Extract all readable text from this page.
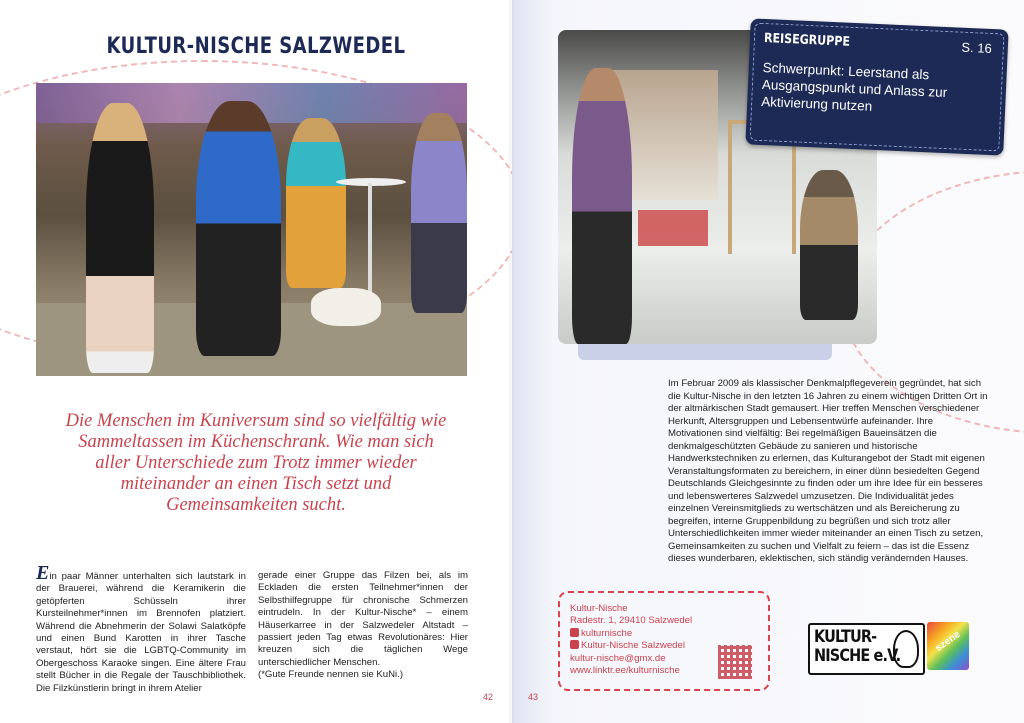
KULTUR-NISCHE SALZWEDEL
Die Menschen im Kuniversum sind so vielfältig wie Sammeltassen im Küchenschrank. Wie man sich aller Unterschiede zum Trotz immer wieder miteinander an einen Tisch setzt und Gemeinsamkeiten sucht.
Ein paar Männer unterhalten sich lautstark in der Brauerei, während die Keramikerin die getöpferten Schüsseln ihrer Kursteilnehmer*innen im Brennofen platziert. Während die Abnehmerin der Solawi Salatköpfe und einen Bund Karotten in ihrer Tasche verstaut, hört sie die LGBTQ-Community im Obergeschoss Karaoke singen. Eine ältere Frau stellt Bücher in die Regale der Tauschbibliothek. Die Filzkünstlerin bringt in ihrem Atelier
gerade einer Gruppe das Filzen bei, als im Eckladen die ersten Teilnehmer*innen der Selbsthilfegruppe für chronische Schmerzen eintrudeln. In der Kultur-Nische* – einem Häuserkarree in der Salzwedeler Altstadt – passiert jeden Tag etwas Revolutionäres: Hier kreuzen sich die täglichen Wege unterschiedlicher Menschen.
(*Gute Freunde nennen sie KuNi.)
42
REISEGRUPPE	S. 16
Schwerpunkt: Leerstand als Ausgangspunkt und Anlass zur Aktivierung nutzen
Im Februar 2009 als klassischer Denkmalpflegeverein gegründet, hat sich die Kultur-Nische in den letzten 16 Jahren zu einem wichtigen Dritten Ort in der altmärkischen Stadt gemausert. Hier treffen Menschen verschiedener Herkunft, Altersgruppen und Lebensentwürfe aufeinander. Ihre Motivationen sind vielfältig: Bei regelmäßigen Baueinsätzen die denkmalgeschützten Gebäude zu sanieren und historische Handwerkstechniken zu erlernen, das Kulturangebot der Stadt mit eigenen Veranstaltungsformaten zu bereichern, in einer dünn besiedelten Gegend Deutschlands Gleichgesinnte zu finden oder um ihre Idee für ein besseres und lebenswerteres Salzwedel umzusetzen. Die Individualität jedes einzelnen Vereinsmitglieds zu wertschätzen und als Bereicherung zu begreifen, interne Gruppenbildung zu begrüßen und sich trotz aller Unterschiedlichkeiten immer wieder miteinander an einen Tisch zu setzen, Gemeinsamkeiten zu suchen und Vielfalt zu feiern – das ist die Essenz dieses wunderbaren, eklektischen, sich ständig verändernden Hauses.
Kultur-Nische
Radestr. 1, 29410 Salzwedel
kulturnische
Kultur-Nische Salzwedel
kultur-nische@gmx.de
www.linktr.ee/kulturnische
KULTUR-
NISCHE e.V.
szene
43
